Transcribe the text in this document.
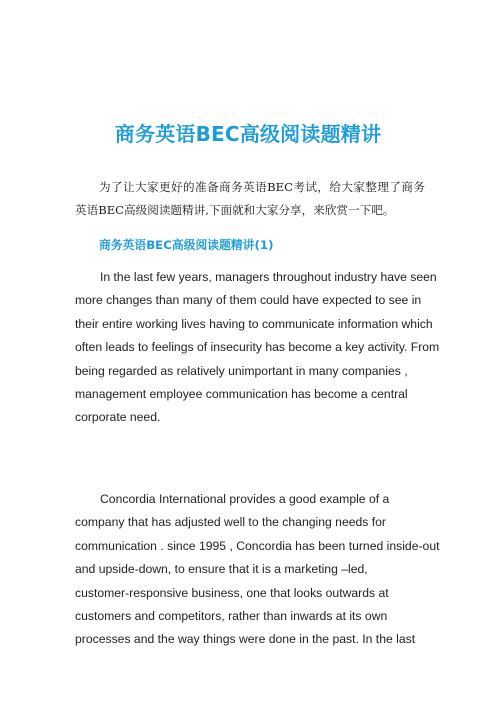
商务英语BEC高级阅读题精讲

为了让大家更好的准备商务英语BEC考试，给大家整理了商务英语BEC高级阅读题精讲,下面就和大家分享，来欣赏一下吧。

商务英语BEC高级阅读题精讲(1)
In the last few years, managers throughout industry have seen
more changes than many of them could have expected to see in
their entire working lives having to communicate information which
often leads to feelings of insecurity has become a key activity. From
being regarded as relatively unimportant in many companies ,
management employee communication has become a central
corporate need.
Concordia International provides a good example of a
company that has adjusted well to the changing needs for
communication . since 1995 , Concordia has been turned inside-out
and upside-down, to ensure that it is a marketing –led,
customer-responsive business, one that looks outwards at
customers and competitors, rather than inwards at its own
processes and the way things were done in the past. In the last
